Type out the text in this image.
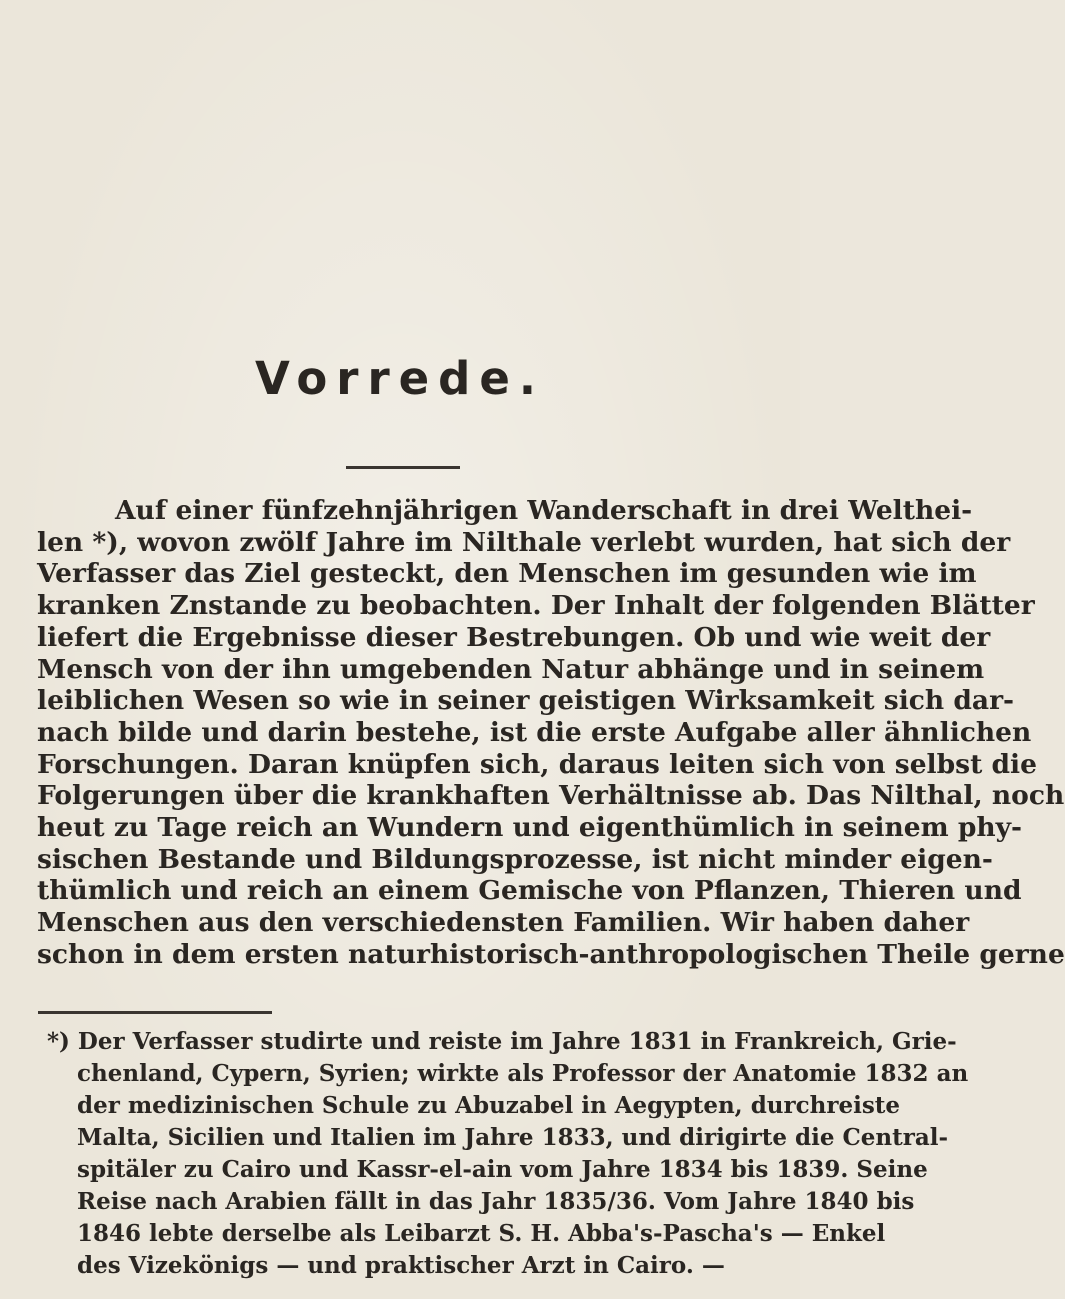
Vorrede.

Auf einer fünfzehnjährigen Wanderschaft in drei Welthei-
len *), wovon zwölf Jahre im Nilthale verlebt wurden, hat sich der
Verfasser das Ziel gesteckt, den Menschen im gesunden wie im
kranken Znstande zu beobachten. Der Inhalt der folgenden Blätter
liefert die Ergebnisse dieser Bestrebungen. Ob und wie weit der
Mensch von der ihn umgebenden Natur abhänge und in seinem
leiblichen Wesen so wie in seiner geistigen Wirksamkeit sich dar-
nach bilde und darin bestehe, ist die erste Aufgabe aller ähnlichen
Forschungen. Daran knüpfen sich, daraus leiten sich von selbst die
Folgerungen über die krankhaften Verhältnisse ab. Das Nilthal, noch
heut zu Tage reich an Wundern und eigenthümlich in seinem phy-
sischen Bestande und Bildungsprozesse, ist nicht minder eigen-
thümlich und reich an einem Gemische von Pflanzen, Thieren und
Menschen aus den verschiedensten Familien. Wir haben daher
schon in dem ersten naturhistorisch-anthropologischen Theile gerne

*) Der Verfasser studirte und reiste im Jahre 1831 in Frankreich, Grie-
chenland, Cypern, Syrien; wirkte als Professor der Anatomie 1832 an
der medizinischen Schule zu Abuzabel in Aegypten, durchreiste
Malta, Sicilien und Italien im Jahre 1833, und dirigirte die Central-
spitäler zu Cairo und Kassr-el-ain vom Jahre 1834 bis 1839. Seine
Reise nach Arabien fällt in das Jahr 1835/36. Vom Jahre 1840 bis
1846 lebte derselbe als Leibarzt S. H. Abba's-Pascha's — Enkel
des Vizekönigs — und praktischer Arzt in Cairo. —
